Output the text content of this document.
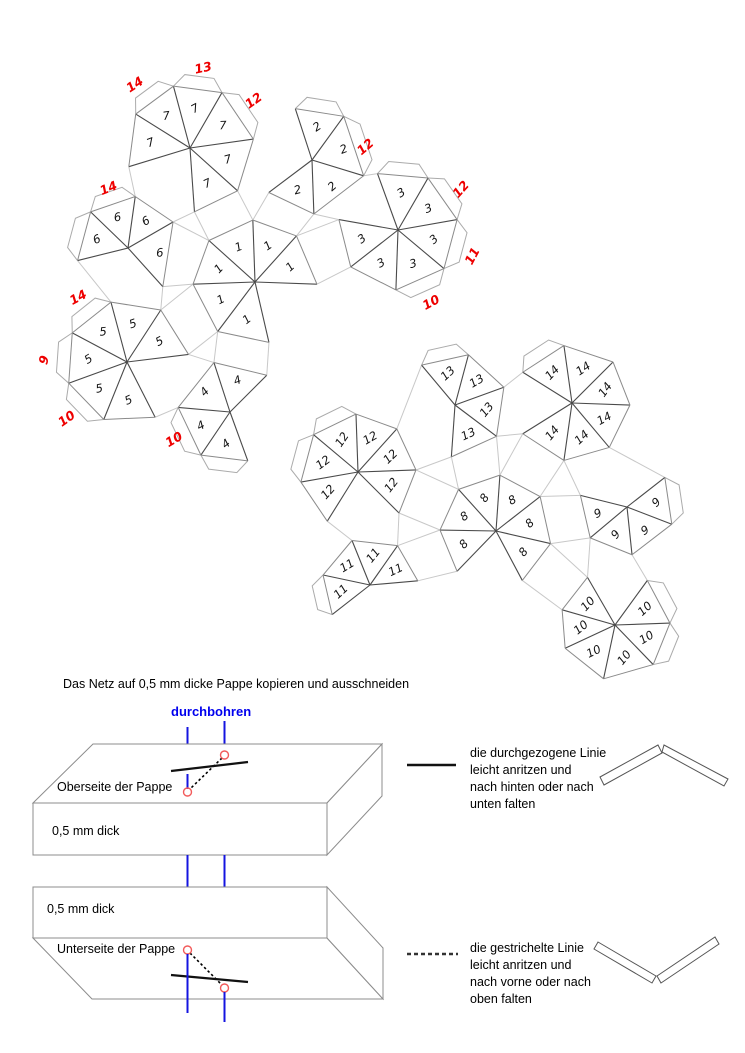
1
1
1
1 1
1
2
2
2
2	3
3
3
3
3
3
4
4
4
4
5
5
5
5
5
5
6
6 6
6
7
7 7
7
7
7
8
8
8 8
8
8
9
9
9
9
10
10
10
10
10
10
11
11
11
11
12
12
12 12
12
12
13 13
13
13
14 14
14
14
14
14
14
13
12
12
12
11
10
14
14
9
10
10
Das Netz auf 0,5 mm dicke Pappe kopieren und ausschneiden
durchbohren
Oberseite der Pappe
0,5 mm dick
0,5 mm dick
Unterseite der Pappe
die durchgezogene Linie
leicht anritzen und
nach hinten oder nach
unten falten
die gestrichelte Linie
leicht anritzen und
nach vorne oder nach
oben falten
